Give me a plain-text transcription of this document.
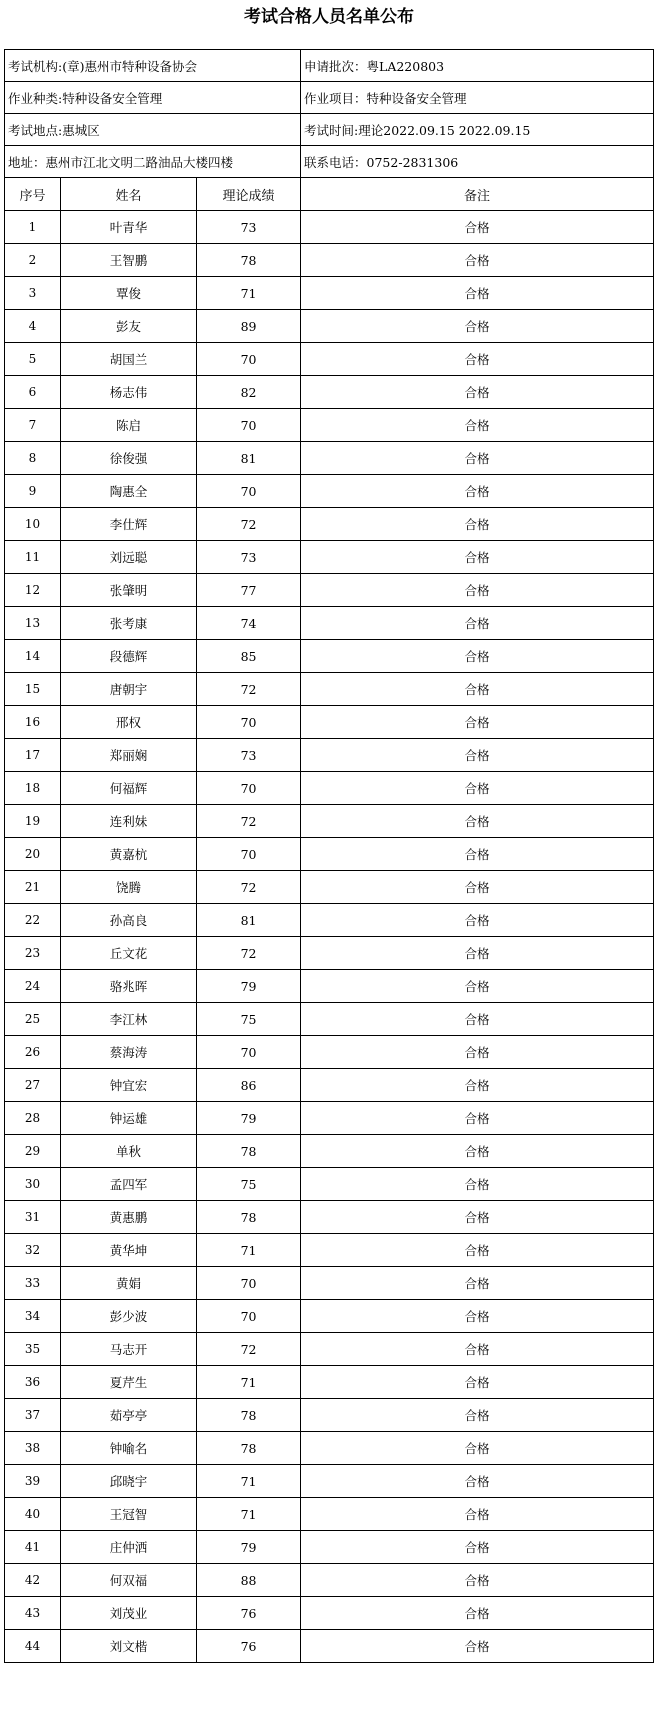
考试合格人员名单公布
考试机构:(章)惠州市特种设备协会			申请批次：粤LA220803
作业种类:特种设备安全管理			作业项目：特种设备安全管理
考试地点:惠城区			考试时间:理论2022.09.15 2022.09.15
地址：惠州市江北文明二路油品大楼四楼			联系电话：0752-2831306
序号	姓名	理论成绩	备注
1	叶青华	73	合格
2	王智鹏	78	合格
3	覃俊	71	合格
4	彭友	89	合格
5	胡国兰	70	合格
6	杨志伟	82	合格
7	陈启	70	合格
8	徐俊强	81	合格
9	陶惠全	70	合格
10	李仕辉	72	合格
11	刘远聪	73	合格
12	张肇明	77	合格
13	张考康	74	合格
14	段德辉	85	合格
15	唐朝宇	72	合格
16	邢权	70	合格
17	郑丽娴	73	合格
18	何福辉	70	合格
19	连利妹	72	合格
20	黄嘉杭	70	合格
21	饶腾	72	合格
22	孙高良	81	合格
23	丘文花	72	合格
24	骆兆晖	79	合格
25	李江林	75	合格
26	蔡海涛	70	合格
27	钟宜宏	86	合格
28	钟运雄	79	合格
29	单秋	78	合格
30	孟四军	75	合格
31	黄惠鹏	78	合格
32	黄华坤	71	合格
33	黄娟	70	合格
34	彭少波	70	合格
35	马志开	72	合格
36	夏芹生	71	合格
37	茹亭亭	78	合格
38	钟喻名	78	合格
39	邱晓宇	71	合格
40	王冠智	71	合格
41	庄仲洒	79	合格
42	何双福	88	合格
43	刘茂业	76	合格
44	刘文楷	76	合格
